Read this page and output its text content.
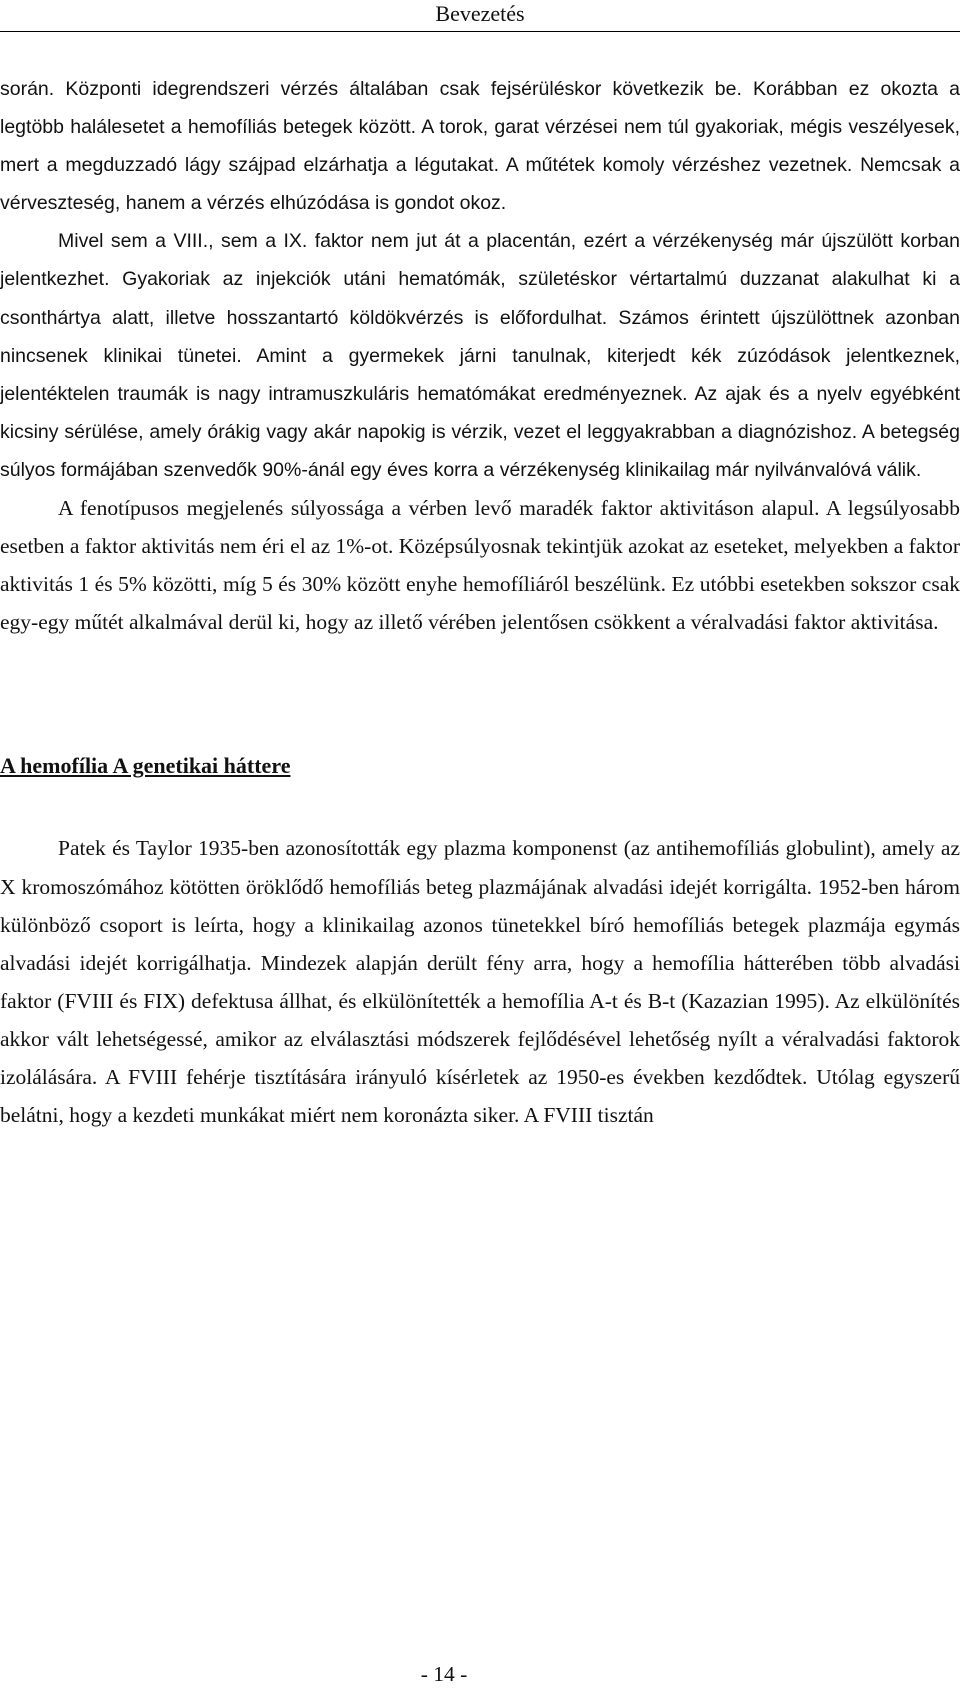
Bevezetés

során. Központi idegrendszeri vérzés általában csak fejsérüléskor következik be. Korábban ez okozta a legtöbb halálesetet a hemofíliás betegek között. A torok, garat vérzései nem túl gyakoriak, mégis veszélyesek, mert a megduzzadó lágy szájpad elzárhatja a légutakat. A műtétek komoly vérzéshez vezetnek. Nemcsak a vérveszteség, hanem a vérzés elhúzódása is gondot okoz.

Mivel sem a VIII., sem a IX. faktor nem jut át a placentán, ezért a vérzékenység már újszülött korban jelentkezhet. Gyakoriak az injekciók utáni hematómák, születéskor vértartalmú duzzanat alakulhat ki a csonthártya alatt, illetve hosszantartó köldökvérzés is előfordulhat. Számos érintett újszülöttnek azonban nincsenek klinikai tünetei. Amint a gyermekek járni tanulnak, kiterjedt kék zúzódások jelentkeznek, jelentéktelen traumák is nagy intramuszkuláris hematómákat eredményeznek. Az ajak és a nyelv egyébként kicsiny sérülése, amely órákig vagy akár napokig is vérzik, vezet el leggyakrabban a diagnózishoz. A betegség súlyos formájában szenvedők 90%-ánál egy éves korra a vérzékenység klinikailag már nyilvánvalóvá válik.

A fenotípusos megjelenés súlyossága a vérben levő maradék faktor aktivitáson alapul. A legsúlyosabb esetben a faktor aktivitás nem éri el az 1%-ot. Középsúlyosnak tekintjük azokat az eseteket, melyekben a faktor aktivitás 1 és 5% közötti, míg 5 és 30% között enyhe hemofíliáról beszélünk. Ez utóbbi esetekben sokszor csak egy-egy műtét alkalmával derül ki, hogy az illető vérében jelentősen csökkent a véralvadási faktor aktivitása.

A hemofília A genetikai háttere

Patek és Taylor 1935-ben azonosították egy plazma komponenst (az antihemofíliás globulint), amely az X kromoszómához kötötten öröklődő hemofíliás beteg plazmájának alvadási idejét korrigálta. 1952-ben három különböző csoport is leírta, hogy a klinikailag azonos tünetekkel bíró hemofíliás betegek plazmája egymás alvadási idejét korrigálhatja. Mindezek alapján derült fény arra, hogy a hemofília hátterében több alvadási faktor (FVIII és FIX) defektusa állhat, és elkülönítették a hemofília A-t és B-t (Kazazian 1995). Az elkülönítés akkor vált lehetségessé, amikor az elválasztási módszerek fejlődésével lehetőség nyílt a véralvadási faktorok izolálására. A FVIII fehérje tisztítására irányuló kísérletek az 1950-es években kezdődtek. Utólag egyszerű belátni, hogy a kezdeti munkákat miért nem koronázta siker. A FVIII tisztán

- 14 -
